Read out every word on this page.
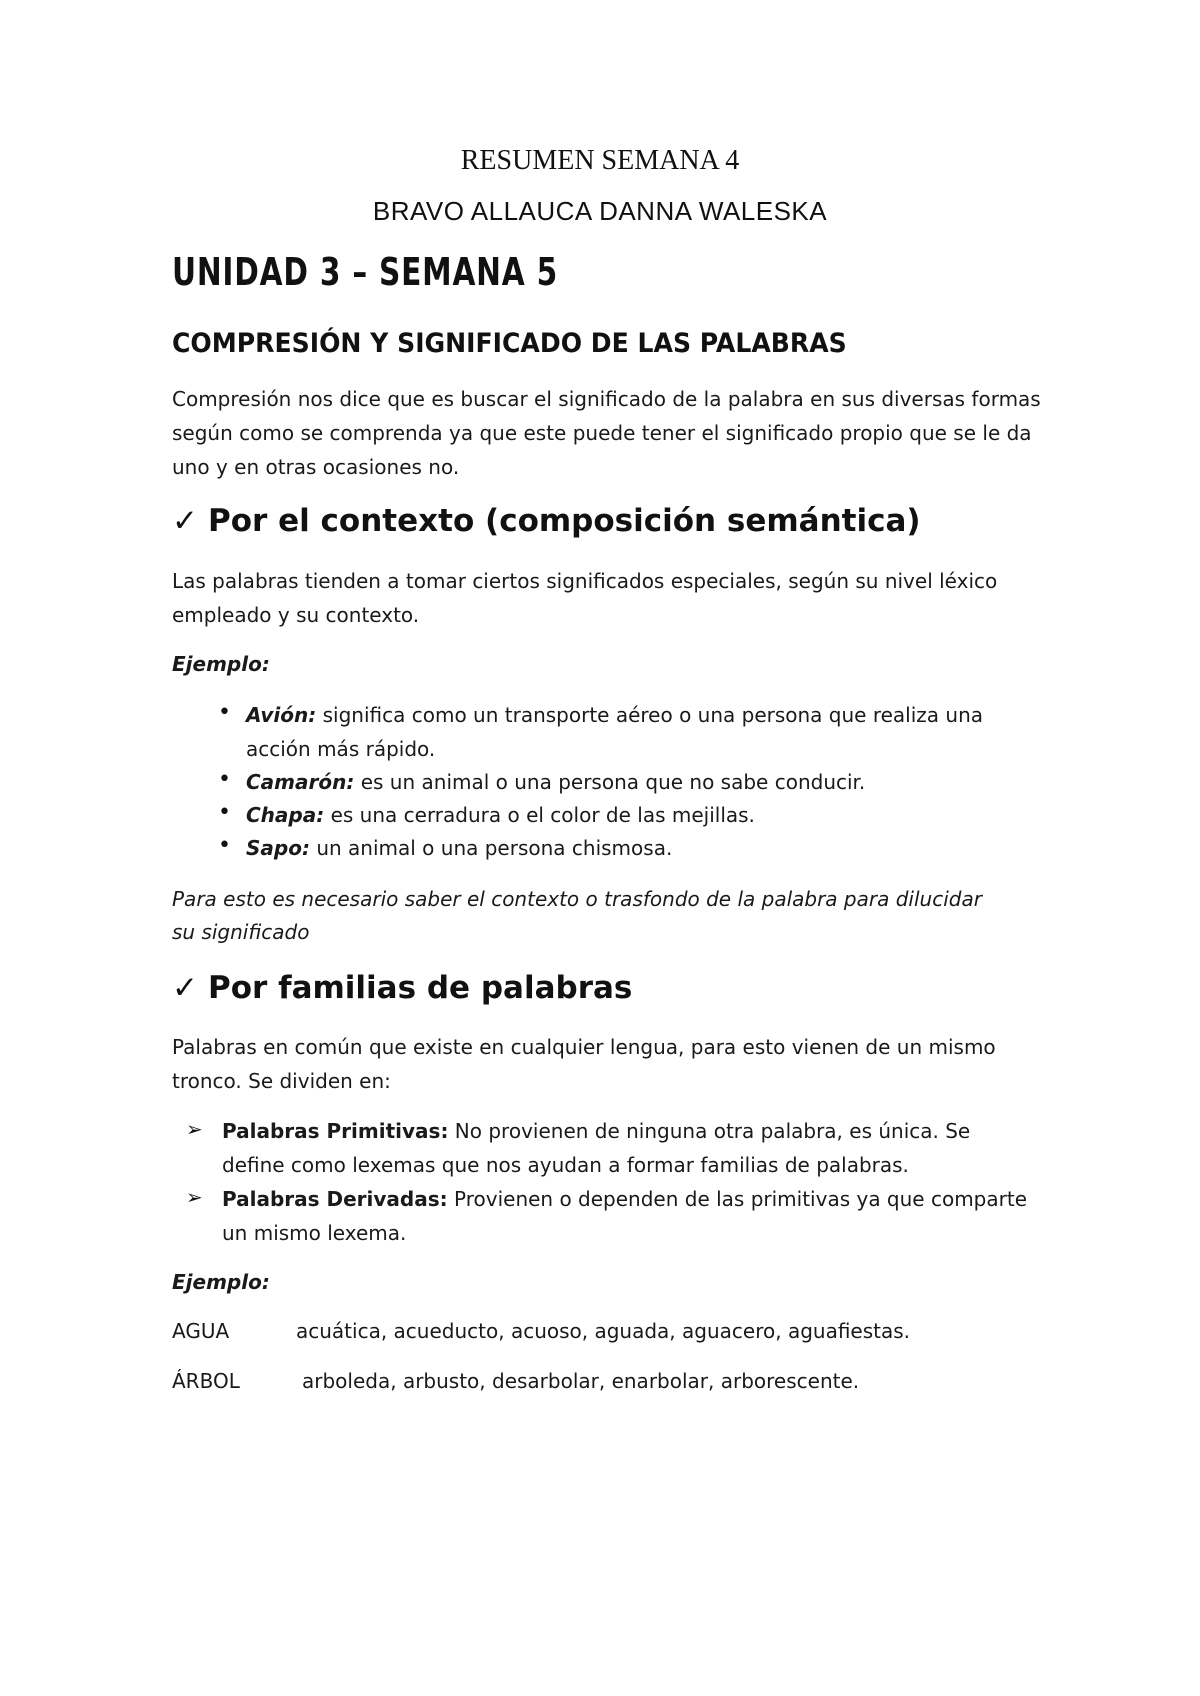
RESUMEN SEMANA 4
BRAVO ALLAUCA DANNA WALESKA
UNIDAD 3 – SEMANA 5
COMPRESIÓN Y SIGNIFICADO DE LAS PALABRAS
Compresión nos dice que es buscar el significado de la palabra en sus diversas formas
según como se comprenda ya que este puede tener el significado propio que se le da
uno y en otras ocasiones no.
✓ Por el contexto (composición semántica)
Las palabras tienden a tomar ciertos significados especiales, según su nivel léxico
empleado y su contexto.
Ejemplo:
• Avión: significa como un transporte aéreo o una persona que realiza una
acción más rápido.
• Camarón: es un animal o una persona que no sabe conducir.
• Chapa: es una cerradura o el color de las mejillas.
• Sapo: un animal o una persona chismosa.
Para esto es necesario saber el contexto o trasfondo de la palabra para dilucidar
su significado
✓ Por familias de palabras
Palabras en común que existe en cualquier lengua, para esto vienen de un mismo
tronco. Se dividen en:
➢ Palabras Primitivas: No provienen de ninguna otra palabra, es única. Se
define como lexemas que nos ayudan a formar familias de palabras.
➢ Palabras Derivadas: Provienen o dependen de las primitivas ya que comparte
un mismo lexema.
Ejemplo:
AGUA	acuática, acueducto, acuoso, aguada, aguacero, aguafiestas.
ÁRBOL	arboleda, arbusto, desarbolar, enarbolar, arborescente.
